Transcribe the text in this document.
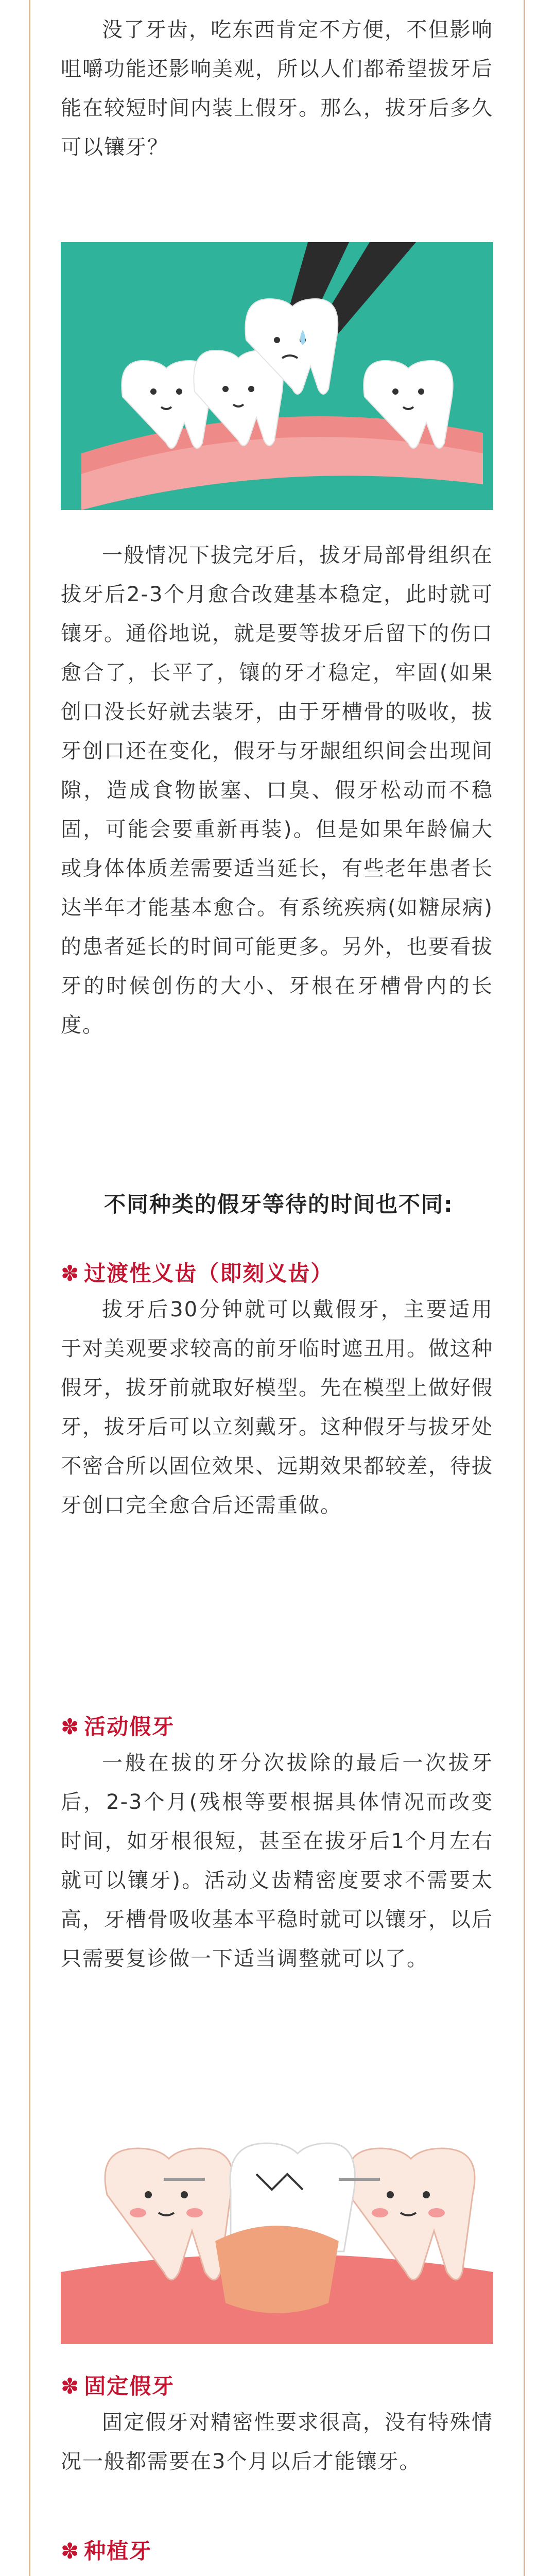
没了牙齿，吃东西肯定不方便，不但影响咀嚼功能还影响美观，所以人们都希望拔牙后能在较短时间内装上假牙。那么，拔牙后多久可以镶牙？

一般情况下拔完牙后，拔牙局部骨组织在拔牙后2-3个月愈合改建基本稳定，此时就可镶牙。通俗地说，就是要等拔牙后留下的伤口愈合了，长平了，镶的牙才稳定，牢固(如果创口没长好就去装牙，由于牙槽骨的吸收，拔牙创口还在变化，假牙与牙龈组织间会出现间隙，造成食物嵌塞、口臭、假牙松动而不稳固，可能会要重新再装)。但是如果年龄偏大或身体体质差需要适当延长，有些老年患者长达半年才能基本愈合。有系统疾病(如糖尿病)的患者延长的时间可能更多。另外，也要看拔牙的时候创伤的大小、牙根在牙槽骨内的长度。

不同种类的假牙等待的时间也不同:
✽ 过渡性义齿（即刻义齿）

拔牙后30分钟就可以戴假牙，主要适用于对美观要求较高的前牙临时遮丑用。做这种假牙，拔牙前就取好模型。先在模型上做好假牙，拔牙后可以立刻戴牙。这种假牙与拔牙处不密合所以固位效果、远期效果都较差，待拔牙创口完全愈合后还需重做。

✽ 活动假牙

一般在拔的牙分次拔除的最后一次拔牙后，2-3个月(残根等要根据具体情况而改变时间，如牙根很短，甚至在拔牙后1个月左右就可以镶牙)。活动义齿精密度要求不需要太高，牙槽骨吸收基本平稳时就可以镶牙，以后只需要复诊做一下适当调整就可以了。

✽ 固定假牙

固定假牙对精密性要求很高，没有特殊情况一般都需要在3个月以后才能镶牙。

✽ 种植牙
